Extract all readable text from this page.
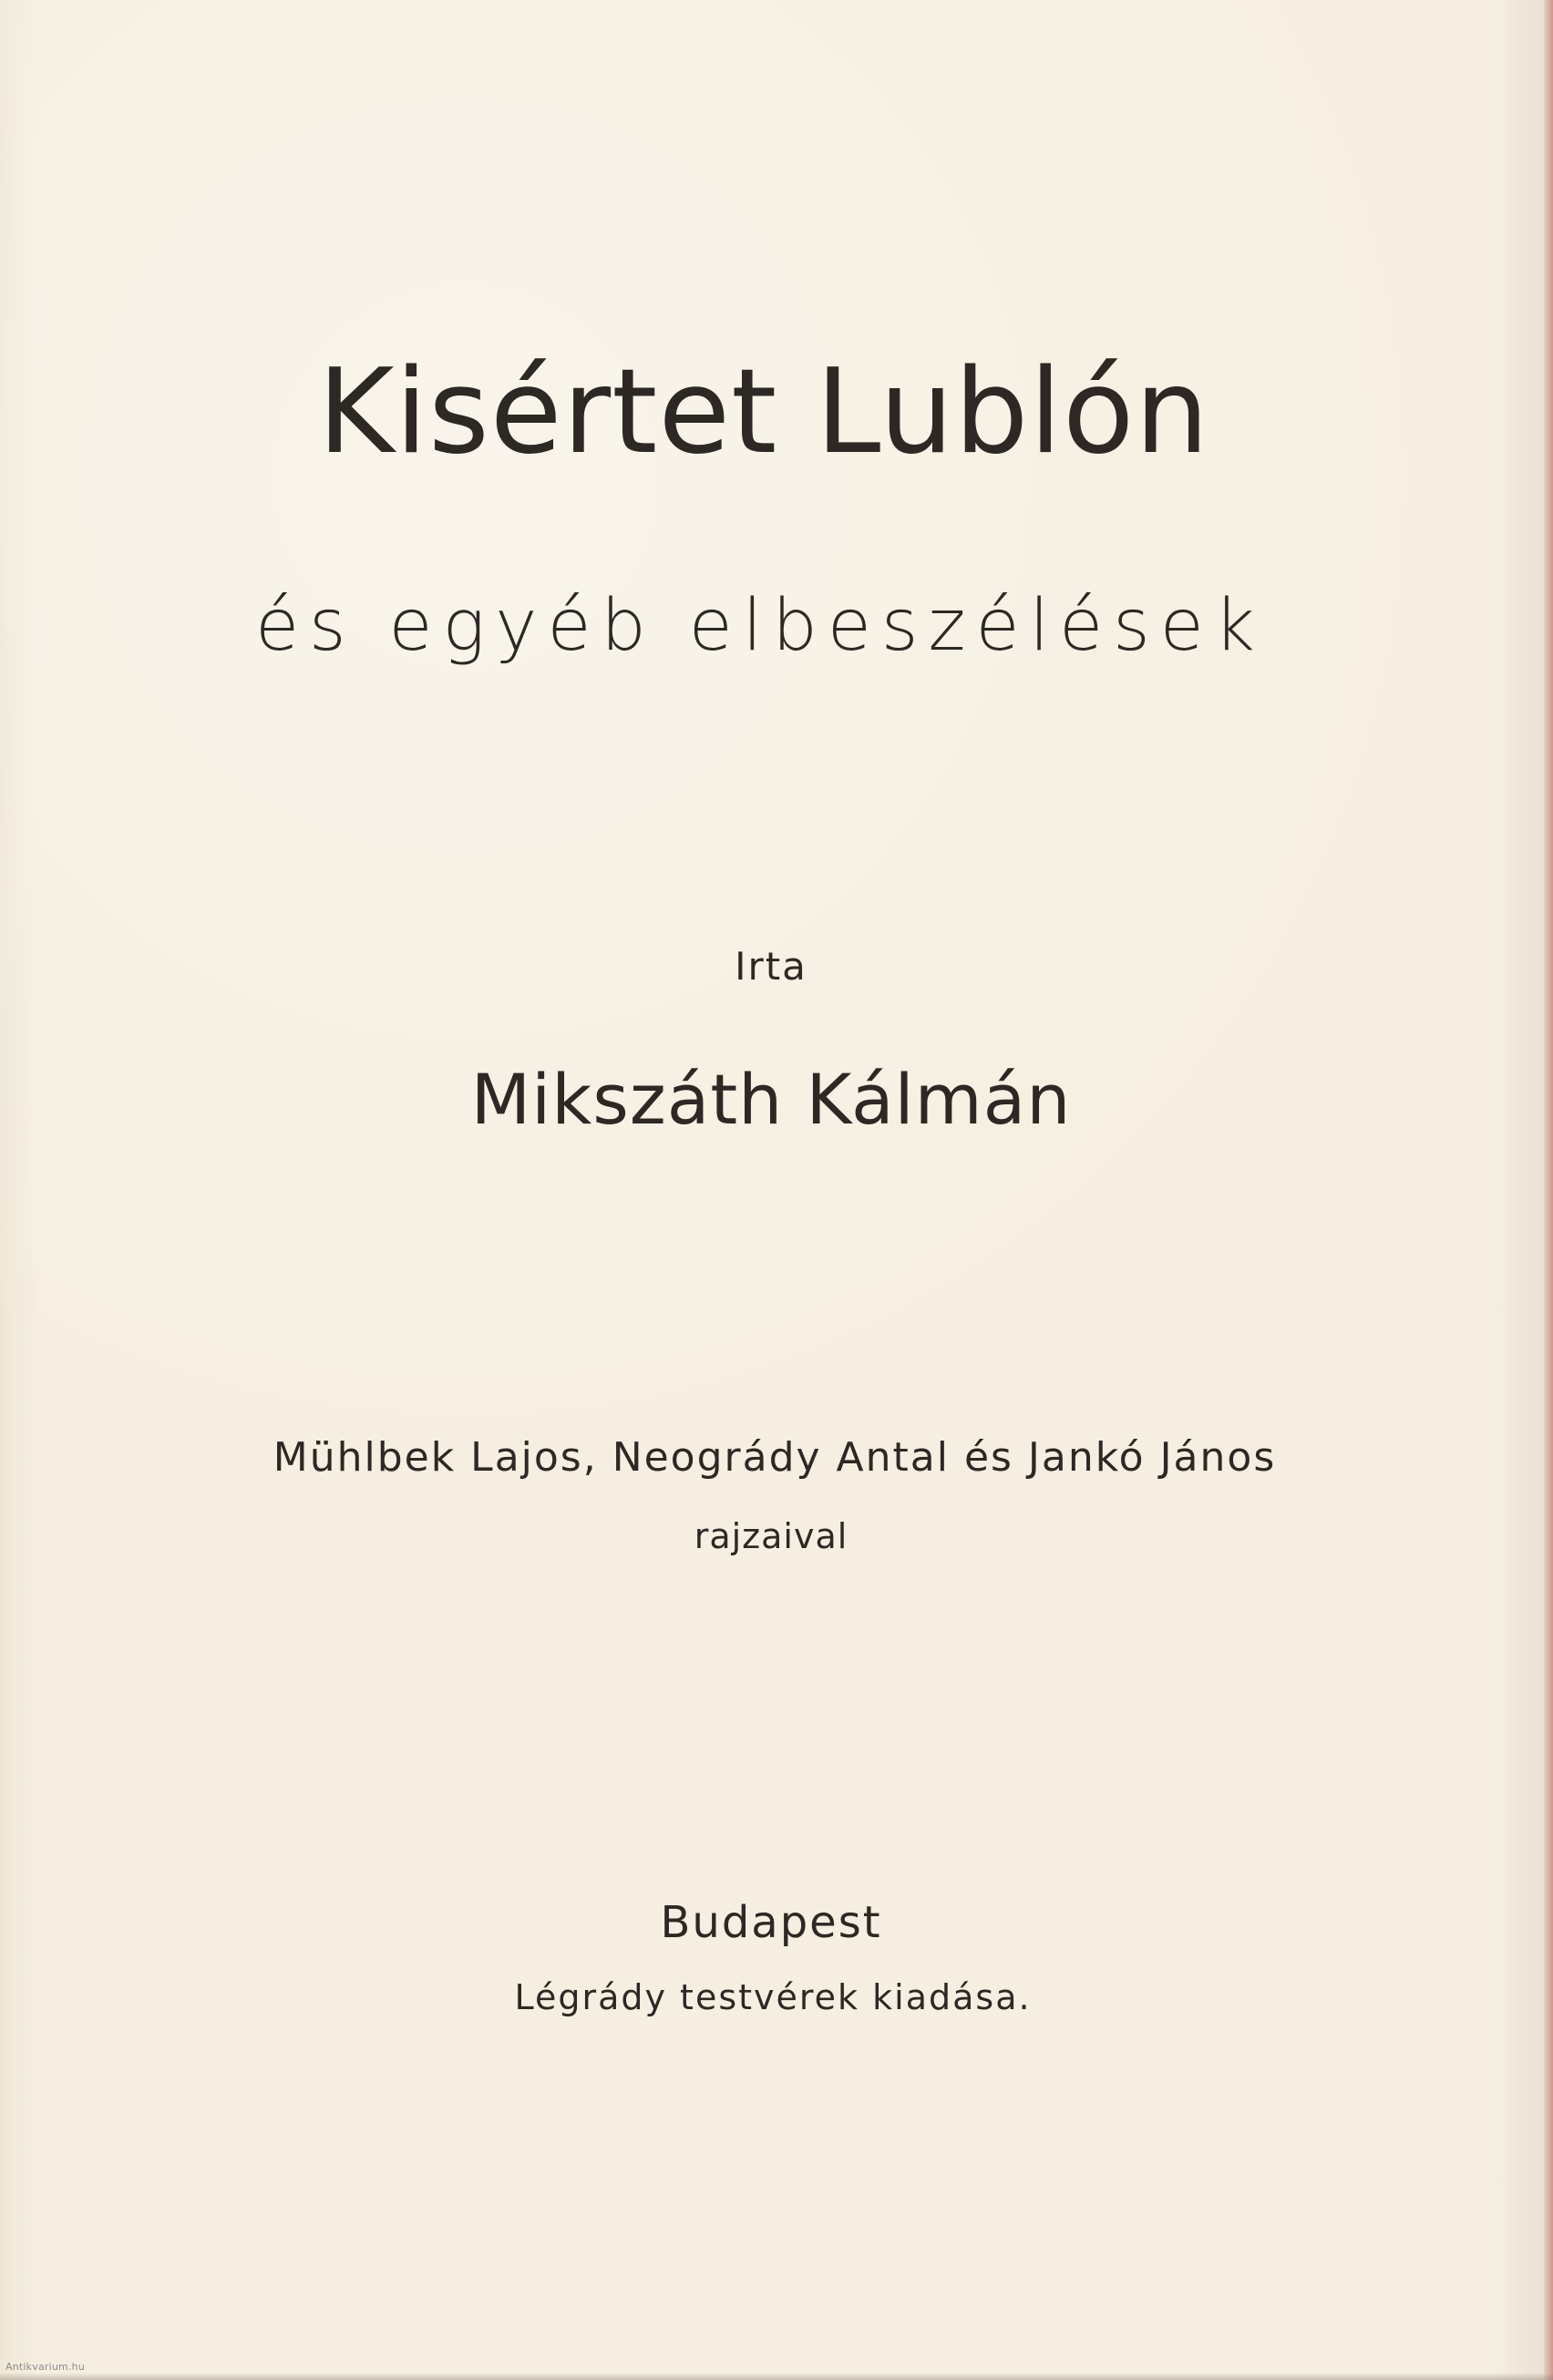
Kisértet Lublón
és egyéb elbeszélések
Irta
Mikszáth Kálmán
Mühlbek Lajos, Neogrády Antal és Jankó János
rajzaival
Budapest
Légrády testvérek kiadása.
Antikvarium.hu
